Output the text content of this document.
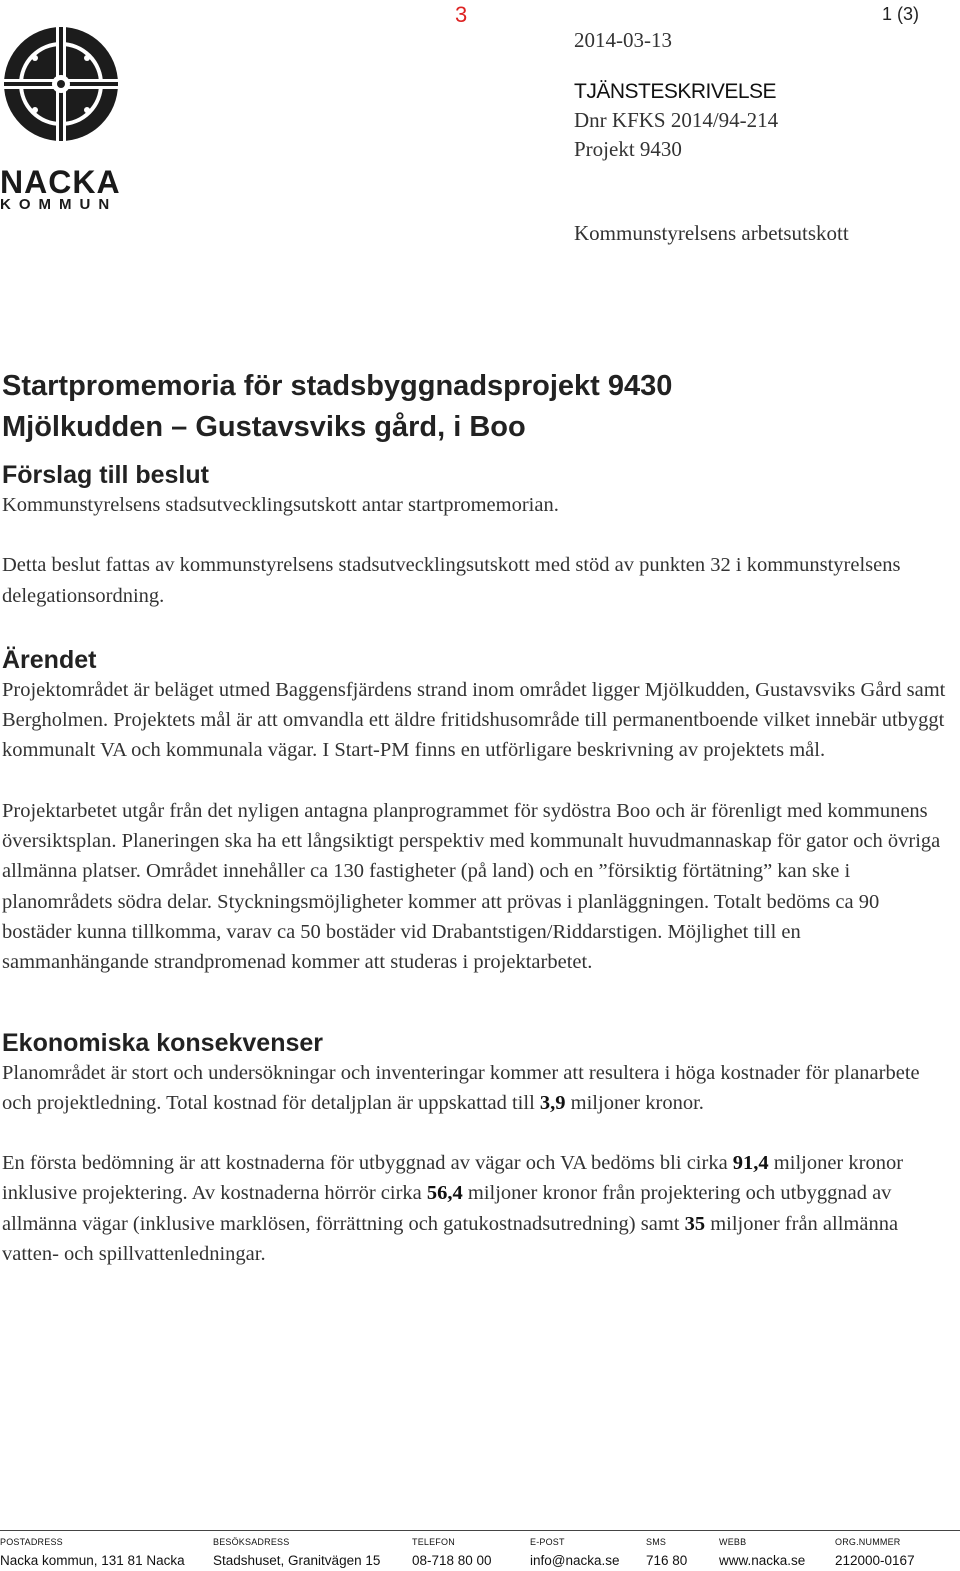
NACKA
KOMMUN
3	1 (3)
2014-03-13
TJÄNSTESKRIVELSE
Dnr KFKS 2014/94-214
Projekt 9430
Kommunstyrelsens arbetsutskott
Startpromemoria för stadsbyggnadsprojekt 9430
Mjölkudden – Gustavsviks gård, i Boo
Förslag till beslut

Kommunstyrelsens stadsutvecklingsutskott antar startpromemorian.

Detta beslut fattas av kommunstyrelsens stadsutvecklingsutskott med stöd av punkten 32 i kommunstyrelsens delegationsordning.

Ärendet

Projektområdet är beläget utmed Baggensfjärdens strand inom området ligger Mjölkudden, Gustavsviks Gård samt Bergholmen. Projektets mål är att omvandla ett äldre fritidshusområde till permanentboende vilket innebär utbyggt kommunalt VA och kommunala vägar. I Start-PM finns en utförligare beskrivning av projektets mål.

Projektarbetet utgår från det nyligen antagna planprogrammet för sydöstra Boo och är förenligt med kommunens översiktsplan. Planeringen ska ha ett långsiktigt perspektiv med kommunalt huvudmannaskap för gator och övriga allmänna platser. Området innehåller ca 130 fastigheter (på land) och en ”försiktig förtätning” kan ske i planområdets södra delar. Styckningsmöjligheter kommer att prövas i planläggningen. Totalt bedöms ca 90 bostäder kunna tillkomma, varav ca 50 bostäder vid Drabantstigen/Riddarstigen. Möjlighet till en sammanhängande strandpromenad kommer att studeras i projektarbetet.

Ekonomiska konsekvenser

Planområdet är stort och undersökningar och inventeringar kommer att resultera i höga kostnader för planarbete och projektledning. Total kostnad för detaljplan är uppskattad till 3,9 miljoner kronor.

En första bedömning är att kostnaderna för utbyggnad av vägar och VA bedöms bli cirka 91,4 miljoner kronor inklusive projektering. Av kostnaderna hörrör cirka 56,4 miljoner kronor från projektering och utbyggnad av allmänna vägar (inklusive marklösen, förrättning och gatukostnadsutredning) samt 35 miljoner från allmänna vatten- och spillvattenledningar.

POSTADRESS
Nacka kommun, 131 81 Nacka
BESÖKSADRESS
Stadshuset, Granitvägen 15
TELEFON
08-718 80 00
E-POST
info@nacka.se
SMS
716 80
WEBB
www.nacka.se
ORG.NUMMER
212000-0167
